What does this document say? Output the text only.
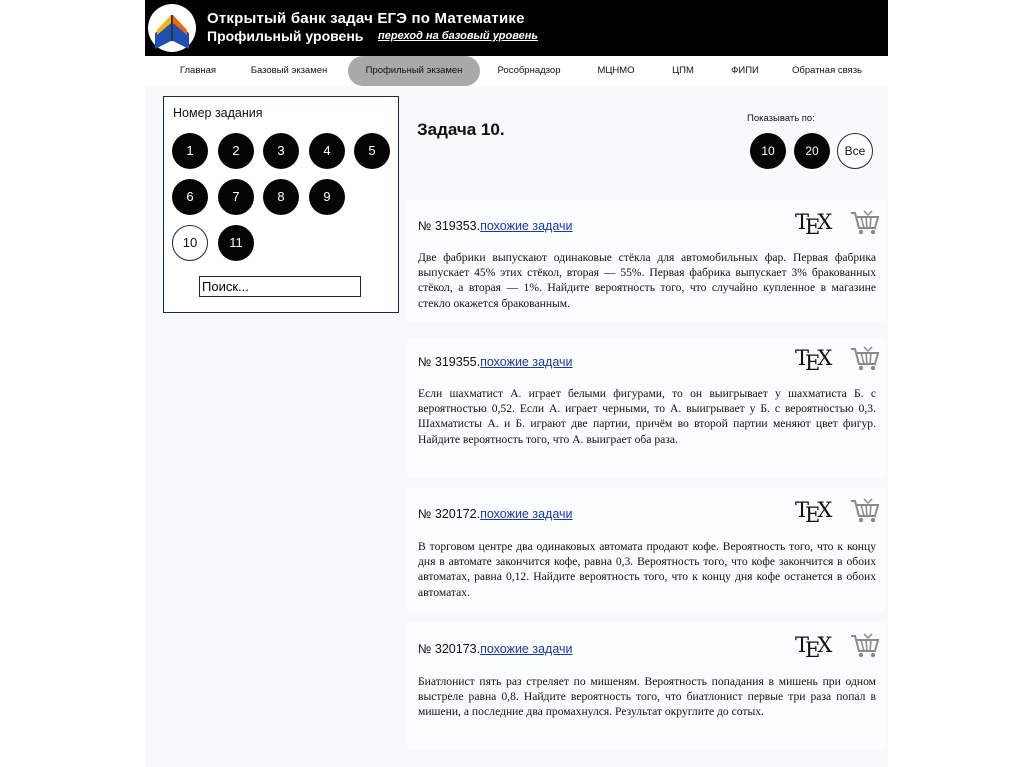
Открытый банк задач ЕГЭ по Математике
Профильный уровень переход на базовый уровень
Главная	Базовый экзамен	Профильный экзамен	Рособрнадзор	МЦНМО	ЦПМ	ФИПИ	Обратная связь
Номер задания
1	2	3	4	5
6	7	8	9
10	11
Поиск...
Задача 10.
Показывать по:
10	20	Все
№ 319353.похожие задачи	TEX
Две фабрики выпускают одинаковые стёкла для автомобильных фар. Первая фабрика выпускает 45% этих стёкол, вторая — 55%. Первая фабрика выпускает 3% бракованных стёкол, а вторая — 1%. Найдите вероятность того, что случайно купленное в магазине стекло окажется бракованным.
№ 319355.похожие задачи	TEX
Если шахматист А. играет белыми фигурами, то он выигрывает у шахматиста Б. с вероятностью 0,52. Если А. играет черными, то А. выигрывает у Б. с вероятностью 0,3. Шахматисты А. и Б. играют две партии, причём во второй партии меняют цвет фигур. Найдите вероятность того, что А. выиграет оба раза.
№ 320172.похожие задачи	TEX
В торговом центре два одинаковых автомата продают кофе. Вероятность того, что к концу дня в автомате закончится кофе, равна 0,3. Вероятность того, что кофе закончится в обоих автоматах, равна 0,12. Найдите вероятность того, что к концу дня кофе останется в обоих автоматах.
№ 320173.похожие задачи	TEX
Биатлонист пять раз стреляет по мишеням. Вероятность попадания в мишень при одном выстреле равна 0,8. Найдите вероятность того, что биатлонист первые три раза попал в мишени, а последние два промахнулся. Результат округлите до сотых.
